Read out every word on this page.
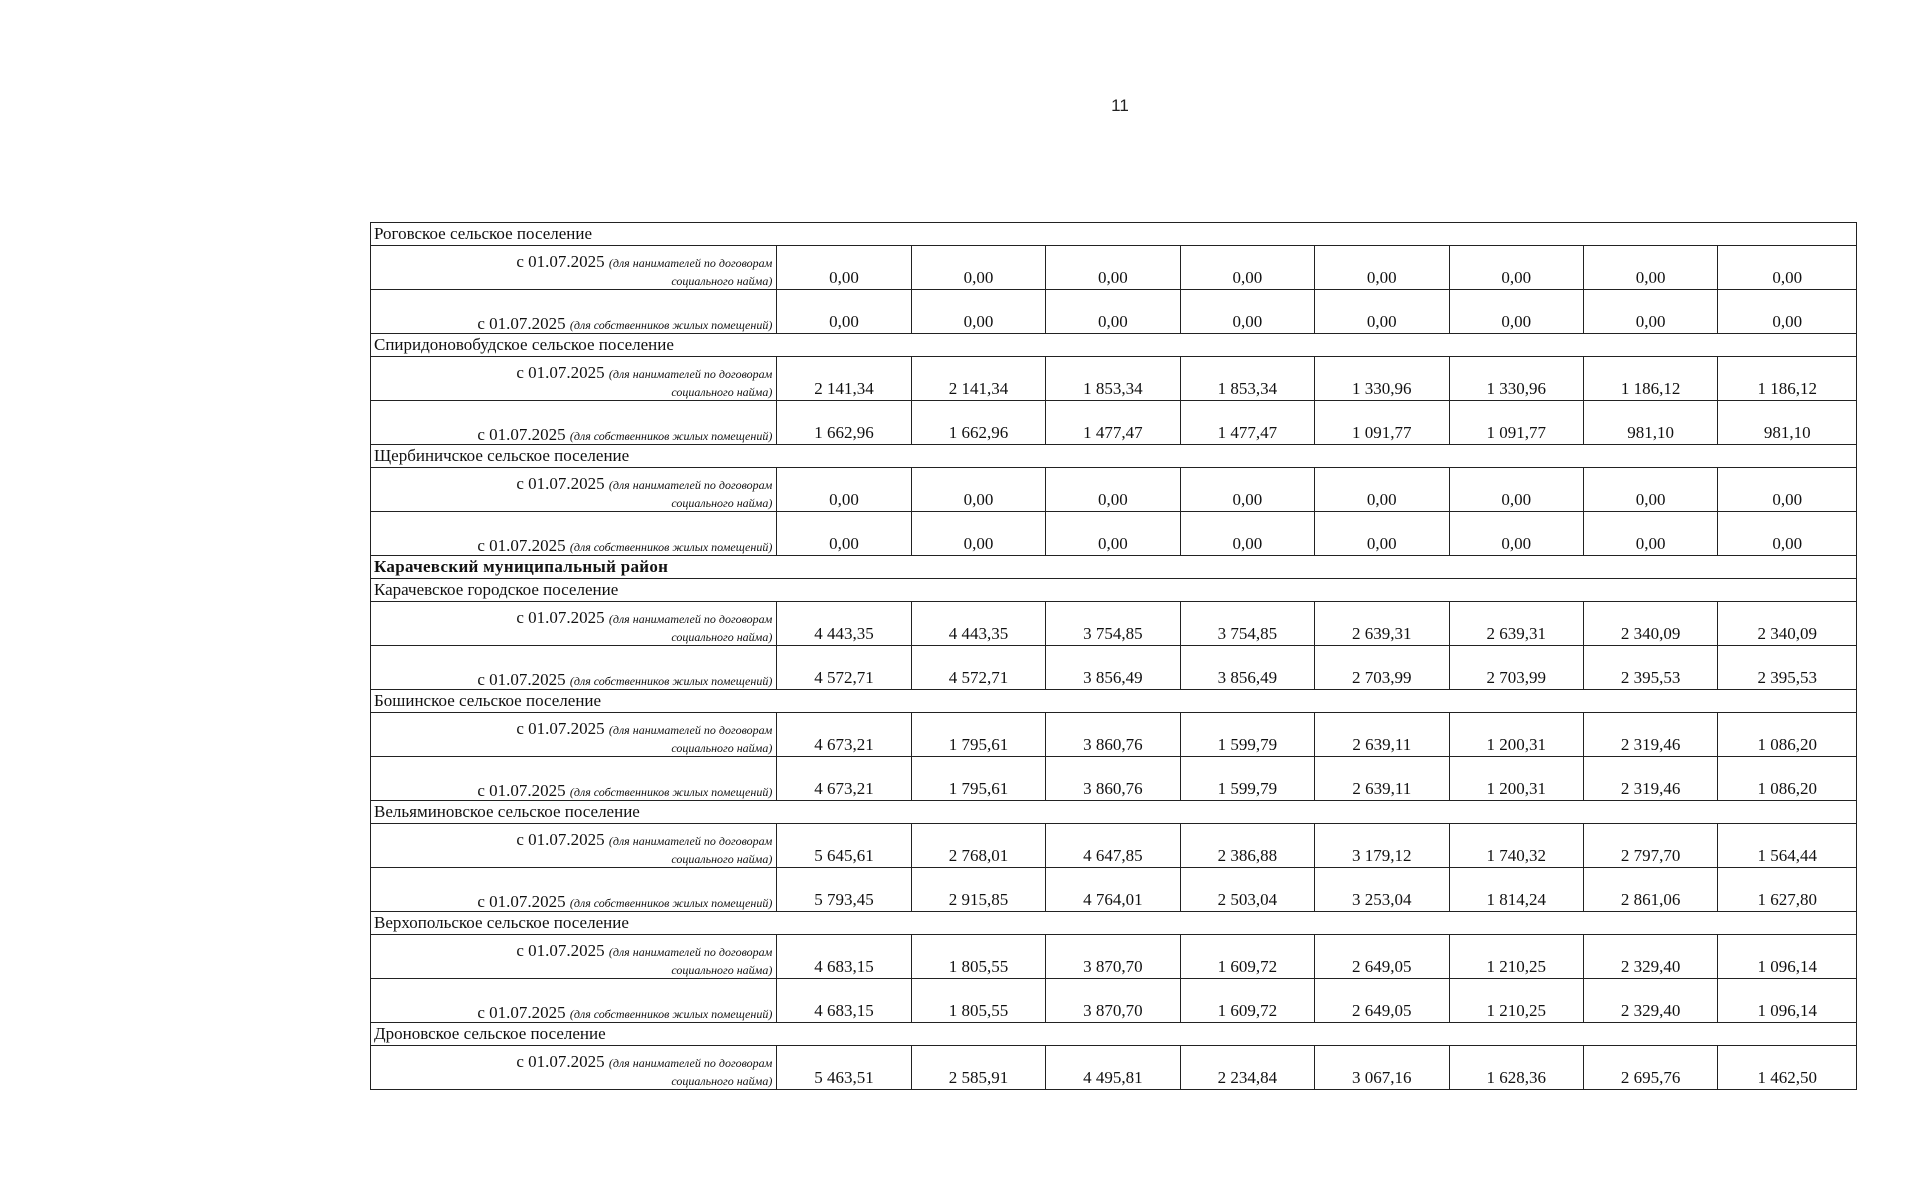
11
Роговское сельское поселение								

с 01.07.2025 (для нанимателей по договорам
социального найма)	0,00	0,00	0,00	0,00	0,00	0,00	0,00	0,00

с 01.07.2025 (для собственников жилых помещений)	0,00	0,00	0,00	0,00	0,00	0,00	0,00	0,00
Спиридоновобудское сельское поселение								

с 01.07.2025 (для нанимателей по договорам
социального найма)	2 141,34	2 141,34	1 853,34	1 853,34	1 330,96	1 330,96	1 186,12	1 186,12

с 01.07.2025 (для собственников жилых помещений)	1 662,96	1 662,96	1 477,47	1 477,47	1 091,77	1 091,77	981,10	981,10
Щербиничское сельское поселение								

с 01.07.2025 (для нанимателей по договорам
социального найма)	0,00	0,00	0,00	0,00	0,00	0,00	0,00	0,00

с 01.07.2025 (для собственников жилых помещений)	0,00	0,00	0,00	0,00	0,00	0,00	0,00	0,00
Карачевский муниципальный район								
Карачевское городское поселение								

с 01.07.2025 (для нанимателей по договорам
социального найма)	4 443,35	4 443,35	3 754,85	3 754,85	2 639,31	2 639,31	2 340,09	2 340,09

с 01.07.2025 (для собственников жилых помещений)	4 572,71	4 572,71	3 856,49	3 856,49	2 703,99	2 703,99	2 395,53	2 395,53
Бошинское сельское поселение								

с 01.07.2025 (для нанимателей по договорам
социального найма)	4 673,21	1 795,61	3 860,76	1 599,79	2 639,11	1 200,31	2 319,46	1 086,20

с 01.07.2025 (для собственников жилых помещений)	4 673,21	1 795,61	3 860,76	1 599,79	2 639,11	1 200,31	2 319,46	1 086,20
Вельяминовское сельское поселение								

с 01.07.2025 (для нанимателей по договорам
социального найма)	5 645,61	2 768,01	4 647,85	2 386,88	3 179,12	1 740,32	2 797,70	1 564,44

с 01.07.2025 (для собственников жилых помещений)	5 793,45	2 915,85	4 764,01	2 503,04	3 253,04	1 814,24	2 861,06	1 627,80
Верхопольское сельское поселение								

с 01.07.2025 (для нанимателей по договорам
социального найма)	4 683,15	1 805,55	3 870,70	1 609,72	2 649,05	1 210,25	2 329,40	1 096,14

с 01.07.2025 (для собственников жилых помещений)	4 683,15	1 805,55	3 870,70	1 609,72	2 649,05	1 210,25	2 329,40	1 096,14
Дроновское сельское поселение								

с 01.07.2025 (для нанимателей по договорам
социального найма)	5 463,51	2 585,91	4 495,81	2 234,84	3 067,16	1 628,36	2 695,76	1 462,50
